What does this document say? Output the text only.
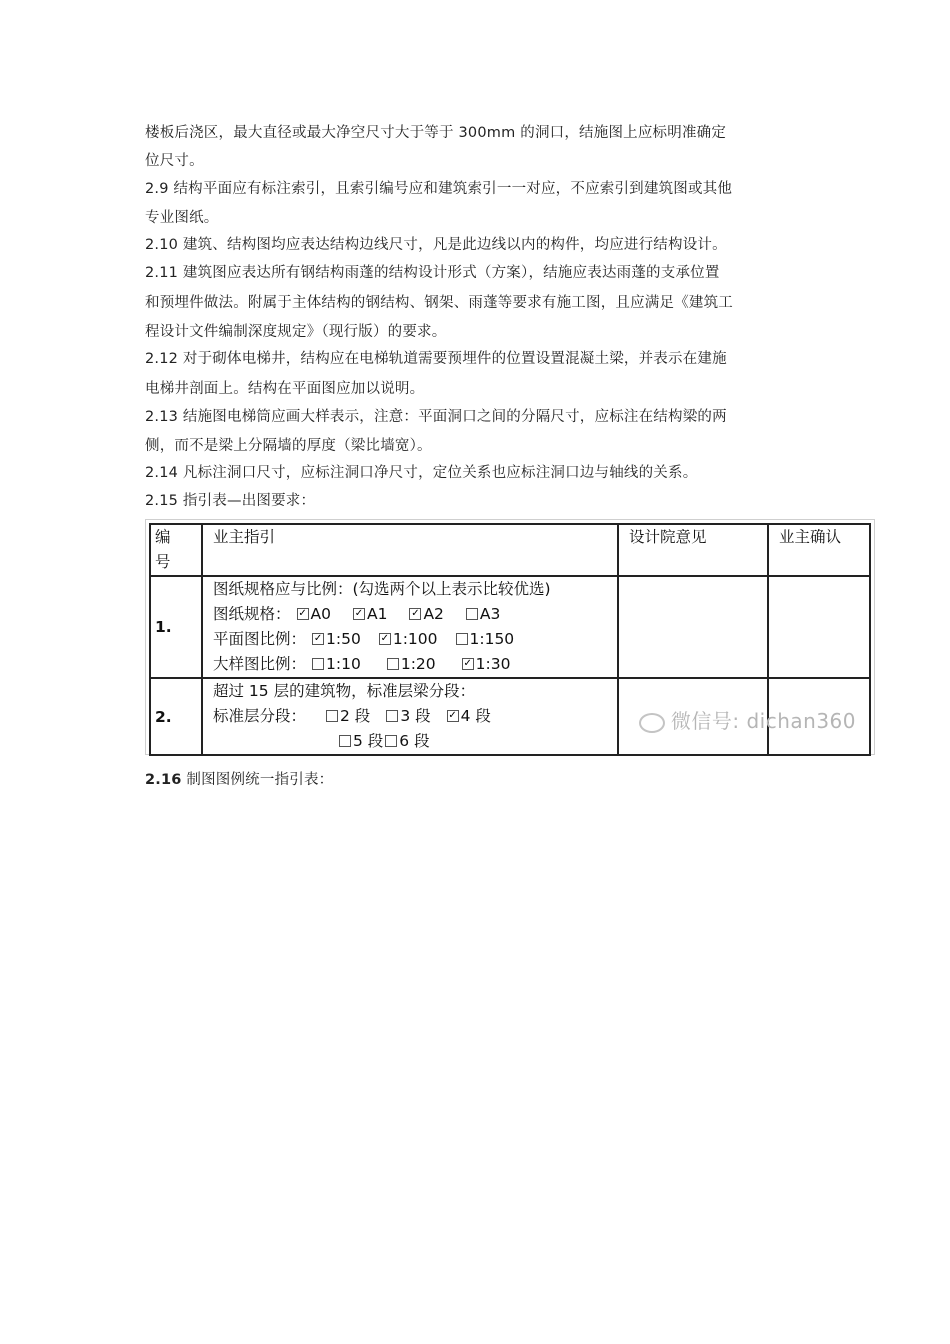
楼板后浇区，最大直径或最大净空尺寸大于等于 300mm 的洞口，结施图上应标明准确定
位尺寸。
2.9 结构平面应有标注索引，且索引编号应和建筑索引一一对应，不应索引到建筑图或其他
专业图纸。
2.10 建筑、结构图均应表达结构边线尺寸，凡是此边线以内的构件，均应进行结构设计。
2.11 建筑图应表达所有钢结构雨蓬的结构设计形式（方案），结施应表达雨蓬的支承位置
和预埋件做法。附属于主体结构的钢结构、钢架、雨蓬等要求有施工图，且应满足《建筑工
程设计文件编制深度规定》（现行版）的要求。
2.12 对于砌体电梯井，结构应在电梯轨道需要预埋件的位置设置混凝土梁，并表示在建施
电梯井剖面上。结构在平面图应加以说明。
2.13 结施图电梯筒应画大样表示，注意：平面洞口之间的分隔尺寸，应标注在结构梁的两
侧，而不是梁上分隔墙的厚度（梁比墙宽）。
2.14 凡标注洞口尺寸，应标注洞口净尺寸，定位关系也应标注洞口边与轴线的关系。
2.15 指引表—出图要求：
编
号	业主指引	设计院意见	业主确认

1.	图纸规格应与比例：(勾选两个以上表示比较优选)
图纸规格： ✓ A0 ✓ A1 ✓ A2 A3
平面图比例： ✓ 1:50 ✓ 1:100 1:150
大样图比例： 1:10 1:20 ✓ 1:30		

2.	超过 15 层的建筑物，标准层梁分段：
标准层分段： 2 段 3 段 ✓ 4 段
5 段 6 段		

微信号: dichan360
2.16 制图图例统一指引表：
